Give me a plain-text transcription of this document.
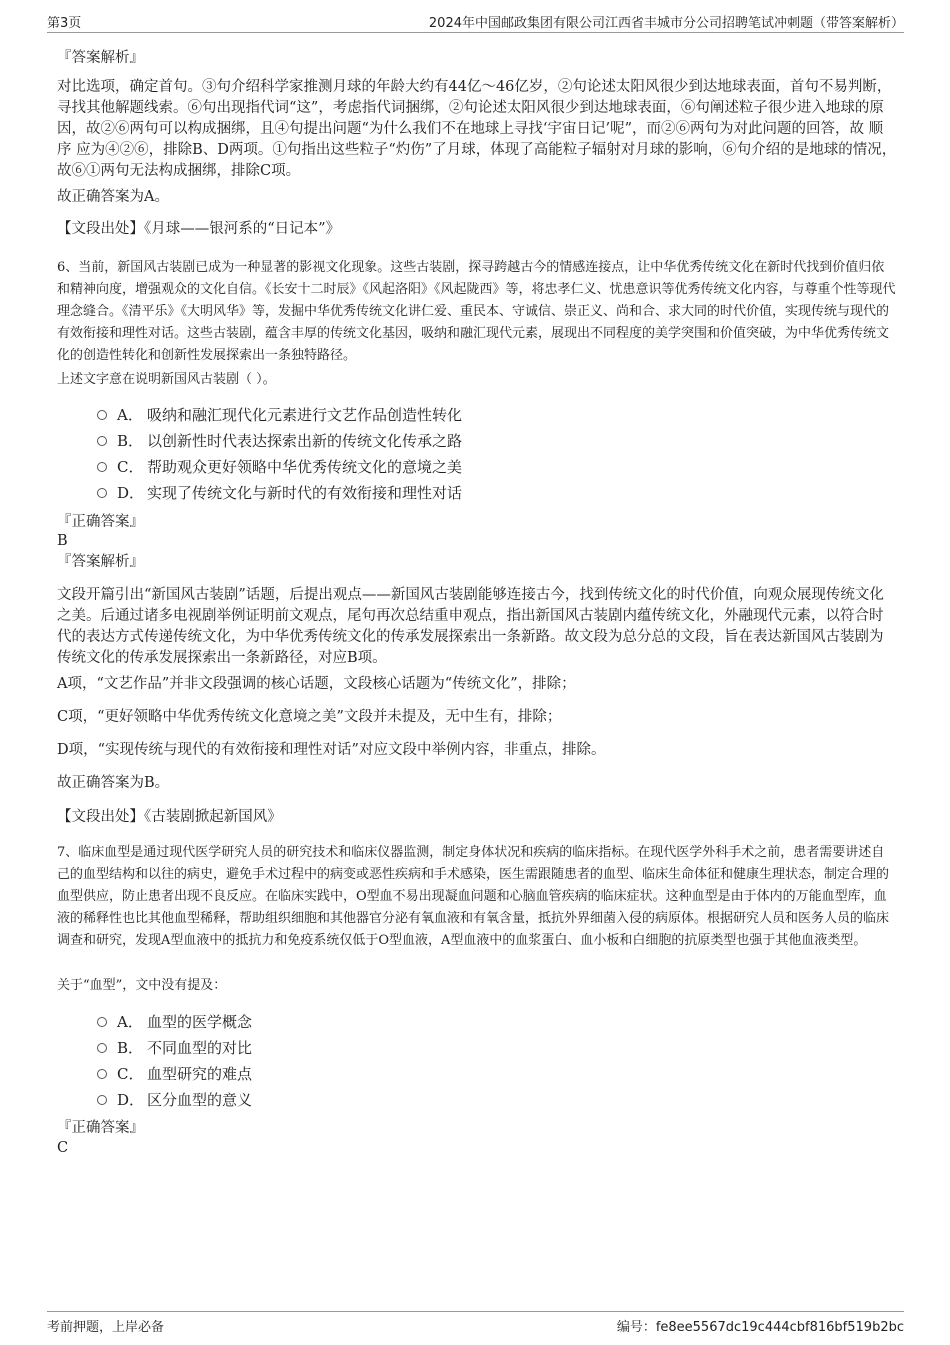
第3页	2024年中国邮政集团有限公司江西省丰城市分公司招聘笔试冲刺题（带答案解析）
『答案解析』
对比选项，确定首句。③句介绍科学家推测月球的年龄大约有44亿～46亿岁，②句论述太阳风很少到达地球表面，首句不易判断，寻找其他解题线索。⑥句出现指代词“这”，考虑指代词捆绑，②句论述太阳风很少到达地球表面，⑥句阐述粒子很少进入地球的原因，故②⑥两句可以构成捆绑，且④句提出问题“为什么我们不在地球上寻找‘宇宙日记’呢”，而②⑥两句为对此问题的回答，故 顺序 应为④②⑥，排除B、D两项。①句指出这些粒子“灼伤”了月球，体现了高能粒子辐射对月球的影响，⑥句介绍的是地球的情况，故⑥①两句无法构成捆绑，排除C项。
故正确答案为A。
【文段出处】《月球——银河系的“日记本”》
6、当前，新国风古装剧已成为一种显著的影视文化现象。这些古装剧，探寻跨越古今的情感连接点，让中华优秀传统文化在新时代找到价值归依和精神向度，增强观众的文化自信。《长安十二时辰》《风起洛阳》《风起陇西》等，将忠孝仁义、忧患意识等优秀传统文化内容，与尊重个性等现代理念缝合。《清平乐》《大明风华》等，发掘中华优秀传统文化讲仁爱、重民本、守诚信、崇正义、尚和合、求大同的时代价值，实现传统与现代的有效衔接和理性对话。这些古装剧，蕴含丰厚的传统文化基因，吸纳和融汇现代元素，展现出不同程度的美学突围和价值突破，为中华优秀传统文化的创造性转化和创新性发展探索出一条独特路径。
上述文字意在说明新国风古装剧（ ）。
A． 吸纳和融汇现代化元素进行文艺作品创造性转化
B． 以创新性时代表达探索出新的传统文化传承之路
C． 帮助观众更好领略中华优秀传统文化的意境之美
D． 实现了传统文化与新时代的有效衔接和理性对话
『正确答案』
B
『答案解析』
文段开篇引出“新国风古装剧”话题，后提出观点——新国风古装剧能够连接古今，找到传统文化的时代价值，向观众展现传统文化之美。后通过诸多电视剧举例证明前文观点，尾句再次总结重申观点，指出新国风古装剧内蕴传统文化，外融现代元素，以符合时代的表达方式传递传统文化，为中华优秀传统文化的传承发展探索出一条新路。故文段为总分总的文段，旨在表达新国风古装剧为传统文化的传承发展探索出一条新路径，对应B项。
A项，“文艺作品”并非文段强调的核心话题，文段核心话题为“传统文化”，排除；
C项，“更好领略中华优秀传统文化意境之美”文段并未提及，无中生有，排除；
D项，“实现传统与现代的有效衔接和理性对话”对应文段中举例内容，非重点，排除。
故正确答案为B。
【文段出处】《古装剧掀起新国风》
7、临床血型是通过现代医学研究人员的研究技术和临床仪器监测，制定身体状况和疾病的临床指标。在现代医学外科手术之前，患者需要讲述自己的血型结构和以往的病史，避免手术过程中的病变或恶性疾病和手术感染，医生需跟随患者的血型、临床生命体征和健康生理状态，制定合理的血型供应，防止患者出现不良反应。在临床实践中，O型血不易出现凝血问题和心脑血管疾病的临床症状。这种血型是由于体内的万能血型库，血液的稀释性也比其他血型稀释，帮助组织细胞和其他器官分泌有氧血液和有氧含量，抵抗外界细菌入侵的病原体。根据研究人员和医务人员的临床调查和研究，发现A型血液中的抵抗力和免疫系统仅低于O型血液，A型血液中的血浆蛋白、血小板和白细胞的抗原类型也强于其他血液类型。
关于“血型”，文中没有提及：
A． 血型的医学概念
B． 不同血型的对比
C． 血型研究的难点
D． 区分血型的意义
『正确答案』
C
考前押题，上岸必备	编号：fe8ee5567dc19c444cbf816bf519b2bc
